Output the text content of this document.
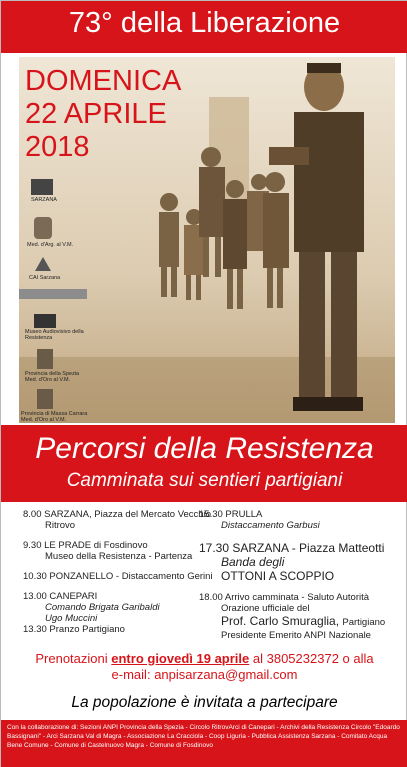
73° della Liberazione
DOMENICA
22 APRILE
2018
SARZANA
Med. d'Arg. al V.M.
CAI Sarzana
Museo Audiovisivo della Resistenza
Provincia della Spezia Med. d'Oro al V.M.
Provincia di Massa Carrara Med. d'Oro al V.M.
Percorsi della Resistenza
Camminata sui sentieri partigiani
8.00 SARZANA, Piazza del Mercato Vecchio
Ritrovo
9.30 LE PRADE di Fosdinovo
Museo della Resistenza - Partenza
10.30 PONZANELLO - Distaccamento Gerini
13.00 CANEPARI
Comando Brigata Garibaldi
Ugo Muccini
13.30 Pranzo Partigiano
15.30 PRULLA
Distaccamento Garbusi
17.30 SARZANA - Piazza Matteotti
Banda degli
OTTONI A SCOPPIO
18.00 Arrivo camminata - Saluto Autorità
Orazione ufficiale del
Prof. Carlo Smuraglia, Partigiano
Presidente Emerito ANPI Nazionale
Prenotazioni entro giovedì 19 aprile al 3805232372 o alla
e-mail: anpisarzana@gmail.com
La popolazione è invitata a partecipare
Con la collaborazione di: Sezioni ANPI Provincia della Spezia - Circolo RitrovArci di Canepari - Archivi della Resistenza Circolo "Edoardo Bassignani" - Arci Sarzana Val di Magra - Associazione La Cracciola - Coop Liguria - Pubblica Assistenza Sarzana - Comitato Acqua Bene Comune - Comune di Castelnuovo Magra - Comune di Fosdinovo
